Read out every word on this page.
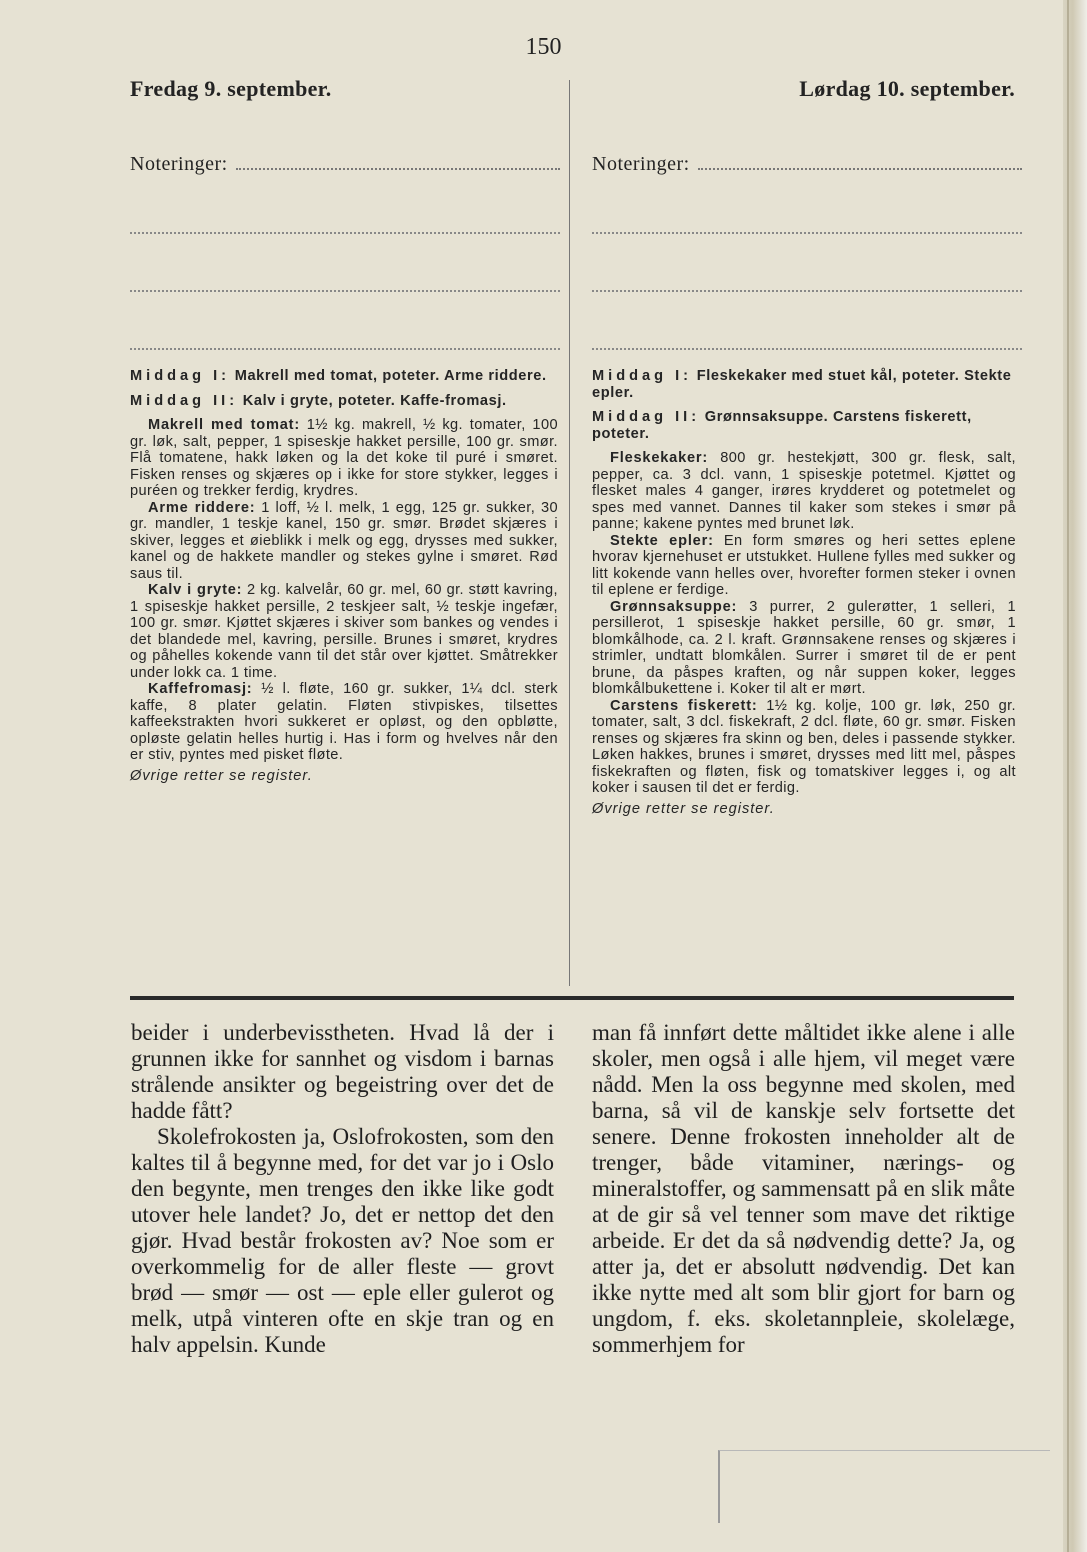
150
Fredag 9. september.	Lørdag 10. september.
Noteringer:	Noteringer:
Middag I: Makrell med tomat, poteter. Arme riddere.
Middag II: Kalv i gryte, poteter. Kaffe-fromasj.

Makrell med tomat: 1½ kg. makrell, ½ kg. tomater, 100 gr. løk, salt, pepper, 1 spiseskje hakket persille, 100 gr. smør. Flå tomatene, hakk løken og la det koke til puré i smøret. Fisken renses og skjæres op i ikke for store stykker, legges i puréen og trekker ferdig, krydres.

Arme riddere: 1 loff, ½ l. melk, 1 egg, 125 gr. sukker, 30 gr. mandler, 1 teskje kanel, 150 gr. smør. Brødet skjæres i skiver, legges et øieblikk i melk og egg, drysses med sukker, kanel og de hakkete mandler og stekes gylne i smøret. Rød saus til.

Kalv i gryte: 2 kg. kalvelår, 60 gr. mel, 60 gr. støtt kavring, 1 spiseskje hakket persille, 2 teskjeer salt, ½ teskje ingefær, 100 gr. smør. Kjøttet skjæres i skiver som bankes og vendes i det blandede mel, kavring, persille. Brunes i smøret, krydres og påhelles kokende vann til det står over kjøttet. Småtrekker under lokk ca. 1 time.

Kaffefromasj: ½ l. fløte, 160 gr. sukker, 1¼ dcl. sterk kaffe, 8 plater gelatin. Fløten stivpiskes, tilsettes kaffeekstrakten hvori sukkeret er opløst, og den opbløtte, opløste gelatin helles hurtig i. Has i form og hvelves når den er stiv, pyntes med pisket fløte.

Øvrige retter se register.
Middag I: Fleskekaker med stuet kål, poteter. Stekte epler.
Middag II: Grønnsaksuppe. Carstens fiskerett, poteter.

Fleskekaker: 800 gr. hestekjøtt, 300 gr. flesk, salt, pepper, ca. 3 dcl. vann, 1 spiseskje potetmel. Kjøttet og flesket males 4 ganger, irøres krydderet og potetmelet og spes med vannet. Dannes til kaker som stekes i smør på panne; kakene pyntes med brunet løk.

Stekte epler: En form smøres og heri settes eplene hvorav kjernehuset er utstukket. Hullene fylles med sukker og litt kokende vann helles over, hvorefter formen steker i ovnen til eplene er ferdige.

Grønnsaksuppe: 3 purrer, 2 gulerøtter, 1 selleri, 1 persillerot, 1 spiseskje hakket persille, 60 gr. smør, 1 blomkålhode, ca. 2 l. kraft. Grønnsakene renses og skjæres i strimler, undtatt blomkålen. Surrer i smøret til de er pent brune, da påspes kraften, og når suppen koker, legges blomkålbukettene i. Koker til alt er mørt.

Carstens fiskerett: 1½ kg. kolje, 100 gr. løk, 250 gr. tomater, salt, 3 dcl. fiskekraft, 2 dcl. fløte, 60 gr. smør. Fisken renses og skjæres fra skinn og ben, deles i passende stykker. Løken hakkes, brunes i smøret, drysses med litt mel, påspes fiskekraften og fløten, fisk og tomatskiver legges i, og alt koker i sausen til det er ferdig.

Øvrige retter se register.

beider i underbevisstheten. Hvad lå der i grunnen ikke for sannhet og visdom i barnas strålende ansikter og begeistring over det de hadde fått?

Skolefrokosten ja, Oslofrokosten, som den kaltes til å begynne med, for det var jo i Oslo den begynte, men trenges den ikke like godt utover hele landet? Jo, det er nettop det den gjør. Hvad består frokosten av? Noe som er overkommelig for de aller fleste — grovt brød — smør — ost — eple eller gulerot og melk, utpå vinteren ofte en skje tran og en halv appelsin. Kunde

man få innført dette måltidet ikke alene i alle skoler, men også i alle hjem, vil meget være nådd. Men la oss begynne med skolen, med barna, så vil de kanskje selv fortsette det senere. Denne frokosten inneholder alt de trenger, både vitaminer, nærings- og mineralstoffer, og sammensatt på en slik måte at de gir så vel tenner som mave det riktige arbeide. Er det da så nødvendig dette? Ja, og atter ja, det er absolutt nødvendig. Det kan ikke nytte med alt som blir gjort for barn og ungdom, f. eks. skoletannpleie, skolelæge, sommerhjem for
